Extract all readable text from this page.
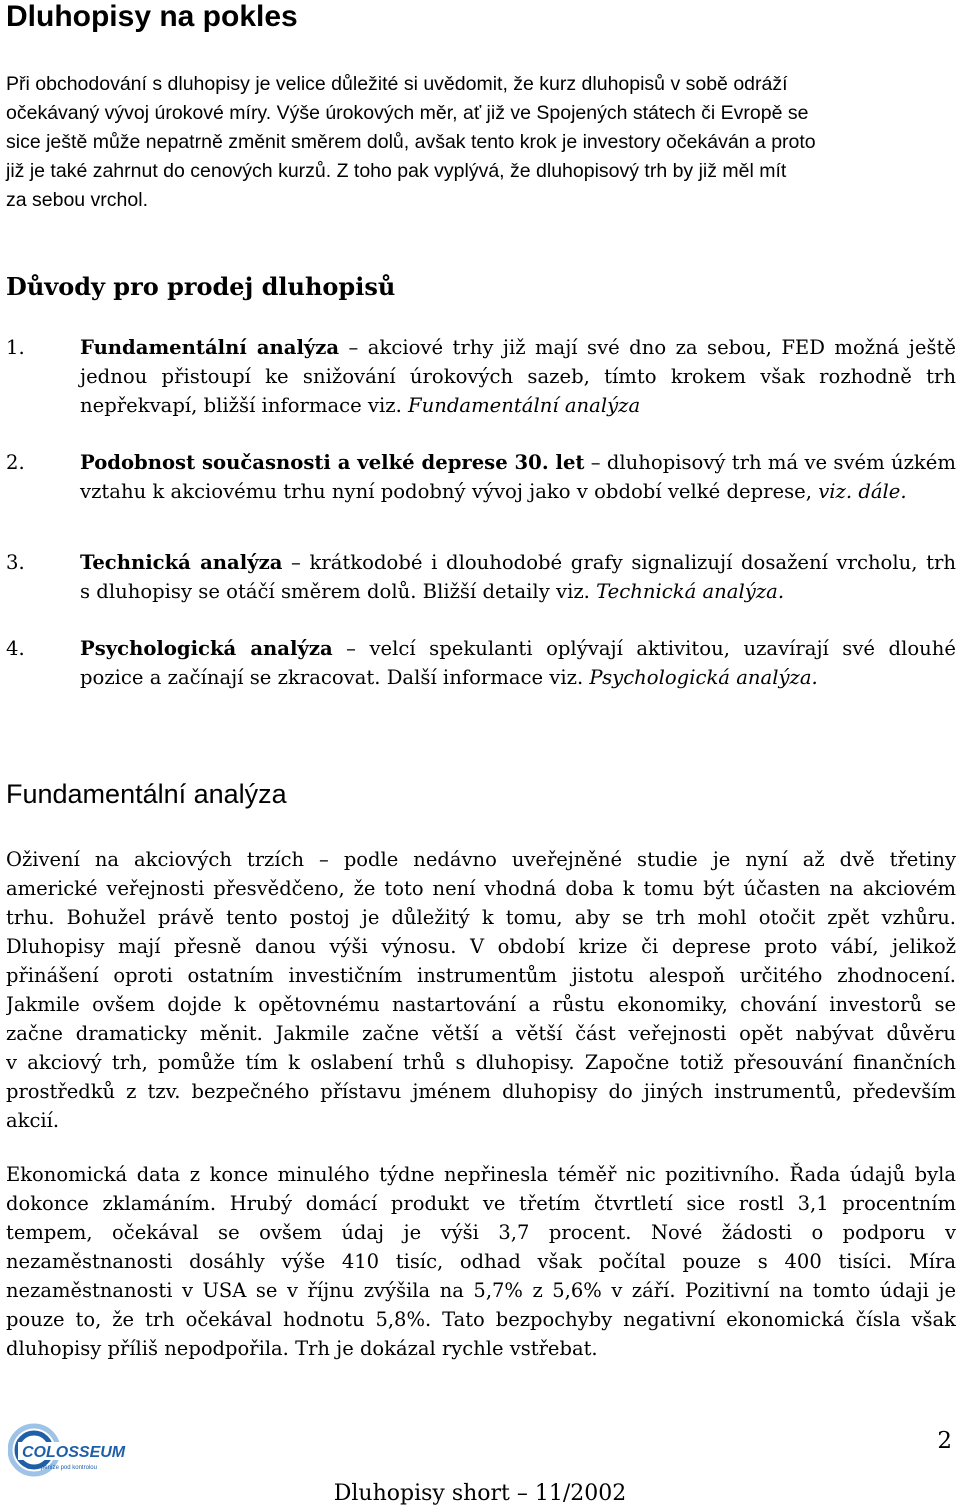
Dluhopisy na pokles
Při obchodování s dluhopisy je velice důležité si uvědomit, že kurz dluhopisů v sobě odráží
očekávaný vývoj úrokové míry. Výše úrokových měr, ať již ve Spojených státech či Evropě se
sice ještě může nepatrně změnit směrem dolů, avšak tento krok je investory očekáván a proto
již je také zahrnut do cenových kurzů. Z toho pak vyplývá, že dluhopisový trh by již měl mít
za sebou vrchol.
Důvody pro prodej dluhopisů
1.	Fundamentální analýza – akciové trhy již mají své dno za sebou, FED možná ještě
jednou přistoupí ke snižování úrokových sazeb, tímto krokem však rozhodně trh
nepřekvapí, bližší informace viz. Fundamentální analýza
2.	Podobnost současnosti a velké deprese 30. let – dluhopisový trh má ve svém úzkém
vztahu k akciovému trhu nyní podobný vývoj jako v období velké deprese, viz. dále.
3.	Technická analýza – krátkodobé i dlouhodobé grafy signalizují dosažení vrcholu, trh
s dluhopisy se otáčí směrem dolů. Bližší detaily viz. Technická analýza.
4.	Psychologická analýza – velcí spekulanti oplývají aktivitou, uzavírají své dlouhé
pozice a začínají se zkracovat. Další informace viz. Psychologická analýza.
Fundamentální analýza
Oživení na akciových trzích – podle nedávno uveřejněné studie je nyní až dvě třetiny
americké veřejnosti přesvědčeno, že toto není vhodná doba k tomu být účasten na akciovém
trhu. Bohužel právě tento postoj je důležitý k tomu, aby se trh mohl otočit zpět vzhůru.
Dluhopisy mají přesně danou výši výnosu. V období krize či deprese proto vábí, jelikož
přinášení oproti ostatním investičním instrumentům jistotu alespoň určitého zhodnocení.
Jakmile ovšem dojde k opětovnému nastartování a růstu ekonomiky, chování investorů se
začne dramaticky měnit. Jakmile začne větší a větší část veřejnosti opět nabývat důvěru
v akciový trh, pomůže tím k oslabení trhů s dluhopisy. Započne totiž přesouvání finančních
prostředků z tzv. bezpečného přístavu jménem dluhopisy do jiných instrumentů, především
akcií.
Ekonomická data z konce minulého týdne nepřinesla téměř nic pozitivního. Řada údajů byla
dokonce zklamáním. Hrubý domácí produkt ve třetím čtvrtletí sice rostl 3,1 procentním
tempem, očekával se ovšem údaj je výši 3,7 procent. Nové žádosti o podporu v
nezaměstnanosti dosáhly výše 410 tisíc, odhad však počítal pouze s 400 tisíci. Míra
nezaměstnanosti v USA se v říjnu zvýšila na 5,7% z 5,6% v září. Pozitivní na tomto údaji je
pouze to, že trh očekával hodnotu 5,8%. Tato bezpochyby negativní ekonomická čísla však
dluhopisy příliš nepodpořila. Trh je dokázal rychle vstřebat.
COLOSSEUM
Vaše peníze pod kontrolou
2
Dluhopisy short – 11/2002
